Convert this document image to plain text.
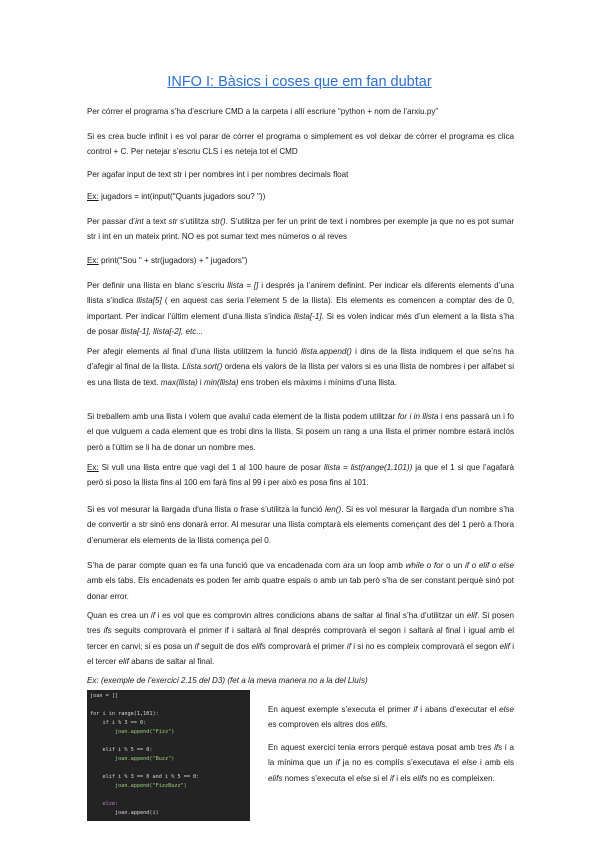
INFO I: Bàsics i coses que em fan dubtar
Per córrer el programa s’ha d’escriure CMD a la carpeta i allí escriure “python + nom de l’arxiu.py”
Si es crea bucle infinit i es vol parar de córrer el programa o simplement es vol deixar de córrer el programa es clica control + C. Per netejar s’escriu CLS i es neteja tot el CMD
Per agafar input de text str i per nombres int i per nombres decimals float
Ex: jugadors = int(input("Quants jugadors sou? "))
Per passar d’int a text str s’utilitza str(). S’utilitza per fer un print de text i nombres per exemple ja que no es pot sumar str i int en un mateix print. NO es pot sumar text mes números o al reves
Ex: print("Sou " + str(jugadors) + " jugadors")
Per definir una llista en blanc s’escriu llista = [] i després ja l’anirem definint. Per indicar els diferents elements d’una llista s’indica llista[5] ( en aquest cas seria l’element 5 de la llista). Els elements es comencen a comptar des de 0, important. Per indicar l’últim element d’una llista s’indica llista[-1]. Si es volen indicar més d’un element a la llista s’ha de posar llista[-1], llista[-2], etc...
Per afegir elements al final d’una llista utilitzem la funció llista.append() i dins de la llista indiquem el que se’ns ha d’afegir al final de la llista. Llista.sort() ordena els valors de la llista per valors si es una llista de nombres i per alfabet si es una llista de text. max(llista) i min(llista) ens troben els màxims i mínims d’una llista.
Si treballem amb una llista i volem que avaluï cada element de la llista podem utilitzar for i in llista i ens passarà un i fo el que vulguem a cada element que es trobi dins la llista. Si posem un rang a una llista el primer nombre estarà inclós però a l’últim se li ha de donar un nombre mes.
Ex: Si vull una llista entre que vagi del 1 al 100 haure de posar llista = list(range(1,101)) ja que el 1 si que l’agafarà però si poso la llista fins al 100 em farà fins al 99 i per això es posa fins al 101.
Si es vol mesurar la llargada d’una llista o frase s’utilitza la funció len(). Si es vol mesurar la llargada d’un nombre s’ha de convertir a str sinó ens donarà error. Al mesurar una llista comptarà els elements començant des del 1 però a l’hora d’enumerar els elements de la llista comença pel 0.
S’ha de parar compte quan es fa una funció que va encadenada com ara un loop amb while o for o un if o elif o else amb els tabs. Els encadenats es poden fer amb quatre espais o amb un tab però s’ha de ser constant perquè sinó pot donar error.
Quan es crea un if i es vol que es comprovin altres condicions abans de saltar al final s’ha d’utilitzar un elif. Si posen tres ifs seguits comprovarà el primer if i saltarà al final després comprovarà el segon i saltarà al final i igual amb el tercer en canvi; si es posa un if seguit de dos elifs comprovarà el primer if i si no es compleix comprovarà el segon elif i el tercer elif abans de saltar al final.
Ex: (exemple de l’exercici 2.15 del D3) (fet a la meva manera no a la del Lluís)
joan = []
for i in range(1,101):
if i % 3 == 0:
joan.append("Fizz")
elif i % 5 == 0:
joan.append("Buzz")
elif i % 3 == 0 and i % 5 == 0:
joan.append("FizzBuzz")
else:
joan.append(i)
En aquest exemple s’executa el primer if i abans d’executar el else es comproven els altres dos elifs.
En aquest exercici tenia errors perquè estava posat amb tres ifs i a la mínima que un if ja no es complís s’executava el else i amb els elifs nomes s’executa el else si el if i els elifs no es compleixen.
